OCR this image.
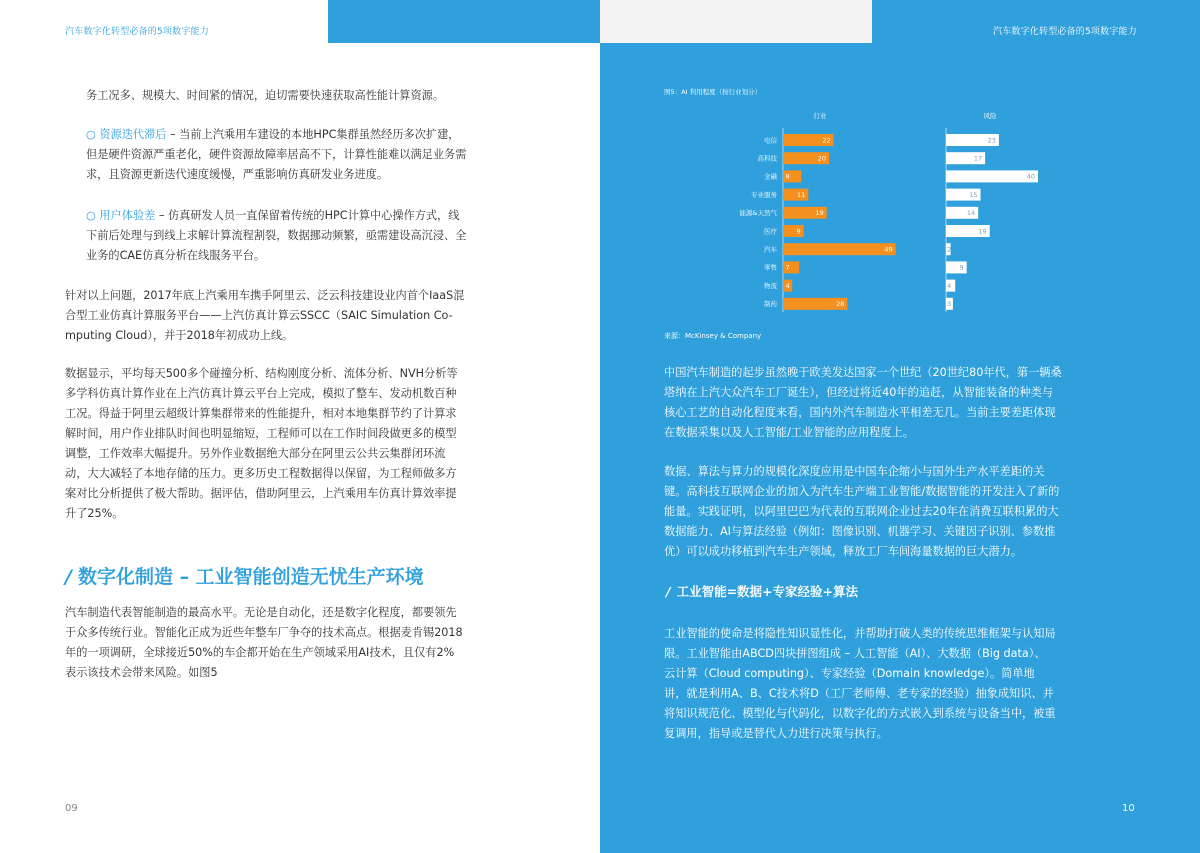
汽车数字化转型必备的5项数字能力

务工况多、规模大、时间紧的情况，迫切需要快速获取高性能计算资源。

○ 资源迭代滞后 – 当前上汽乘用车建设的本地HPC集群虽然经历多次扩建，

但是硬件资源严重老化，硬件资源故障率居高不下，计算性能难以满足业务需

求，且资源更新迭代速度缓慢，严重影响仿真研发业务进度。

○ 用户体验差 – 仿真研发人员一直保留着传统的HPC计算中心操作方式，线

下前后处理与到线上求解计算流程割裂，数据挪动频繁，亟需建设高沉浸、全

业务的CAE仿真分析在线服务平台。

针对以上问题，2017年底上汽乘用车携手阿里云、泛云科技建设业内首个IaaS混

合型工业仿真计算服务平台——上汽仿真计算云SSCC（SAIC Simulation Co-

mputing Cloud），并于2018年初成功上线。

数据显示，平均每天500多个碰撞分析、结构刚度分析、流体分析、NVH分析等

多学科仿真计算作业在上汽仿真计算云平台上完成，模拟了整车、发动机数百种

工况。得益于阿里云超级计算集群带来的性能提升，相对本地集群节约了计算求

解时间，用户作业排队时间也明显缩短，工程师可以在工作时间段做更多的模型

调整，工作效率大幅提升。另外作业数据绝大部分在阿里云公共云集群闭环流

动，大大减轻了本地存储的压力。更多历史工程数据得以保留，为工程师做多方

案对比分析提供了极大帮助。据评估，借助阿里云，上汽乘用车仿真计算效率提

升了25%。

/ 数字化制造 – 工业智能创造无忧生产环境

汽车制造代表智能制造的最高水平。无论是自动化，还是数字化程度，都要领先

于众多传统行业。智能化正成为近些年整车厂争夺的技术高点。根据麦肯锡2018

年的一项调研，全球接近50%的车企都开始在生产领域采用AI技术，且仅有2%

表示该技术会带来风险。如图5

09
汽车数字化转型必备的5项数字能力
10
图5：AI 利用程度（按行业划分）
行业	风险
电信	22	23
高科技	20	17
金融 8	40
专业服务	11	15
能源&天然气	19	14
医疗	9	19
汽车	49	2
零售 7	9
物流 4	4
制药	28	3
来源：McKinsey & Company

中国汽车制造的起步虽然晚于欧美发达国家一个世纪（20世纪80年代，第一辆桑

塔纳在上汽大众汽车工厂诞生），但经过将近40年的追赶，从智能装备的种类与

核心工艺的自动化程度来看，国内外汽车制造水平相差无几。当前主要差距体现

在数据采集以及人工智能/工业智能的应用程度上。

数据、算法与算力的规模化深度应用是中国车企缩小与国外生产水平差距的关

键。高科技互联网企业的加入为汽车生产端工业智能/数据智能的开发注入了新的

能量。实践证明，以阿里巴巴为代表的互联网企业过去20年在消费互联积累的大

数据能力、AI与算法经验（例如：图像识别、机器学习、关键因子识别、参数推

优）可以成功移植到汽车生产领域，释放工厂车间海量数据的巨大潜力。

/ 工业智能=数据+专家经验+算法

工业智能的使命是将隐性知识显性化，并帮助打破人类的传统思维框架与认知局

限。工业智能由ABCD四块拼图组成 – 人工智能（AI）、大数据（Big data）、

云计算（Cloud computing）、专家经验（Domain knowledge）。简单地

讲，就是利用A、B、C技术将D（工厂老师傅、老专家的经验）抽象成知识、并

将知识规范化、模型化与代码化，以数字化的方式嵌入到系统与设备当中，被重

复调用，指导或是替代人力进行决策与执行。
